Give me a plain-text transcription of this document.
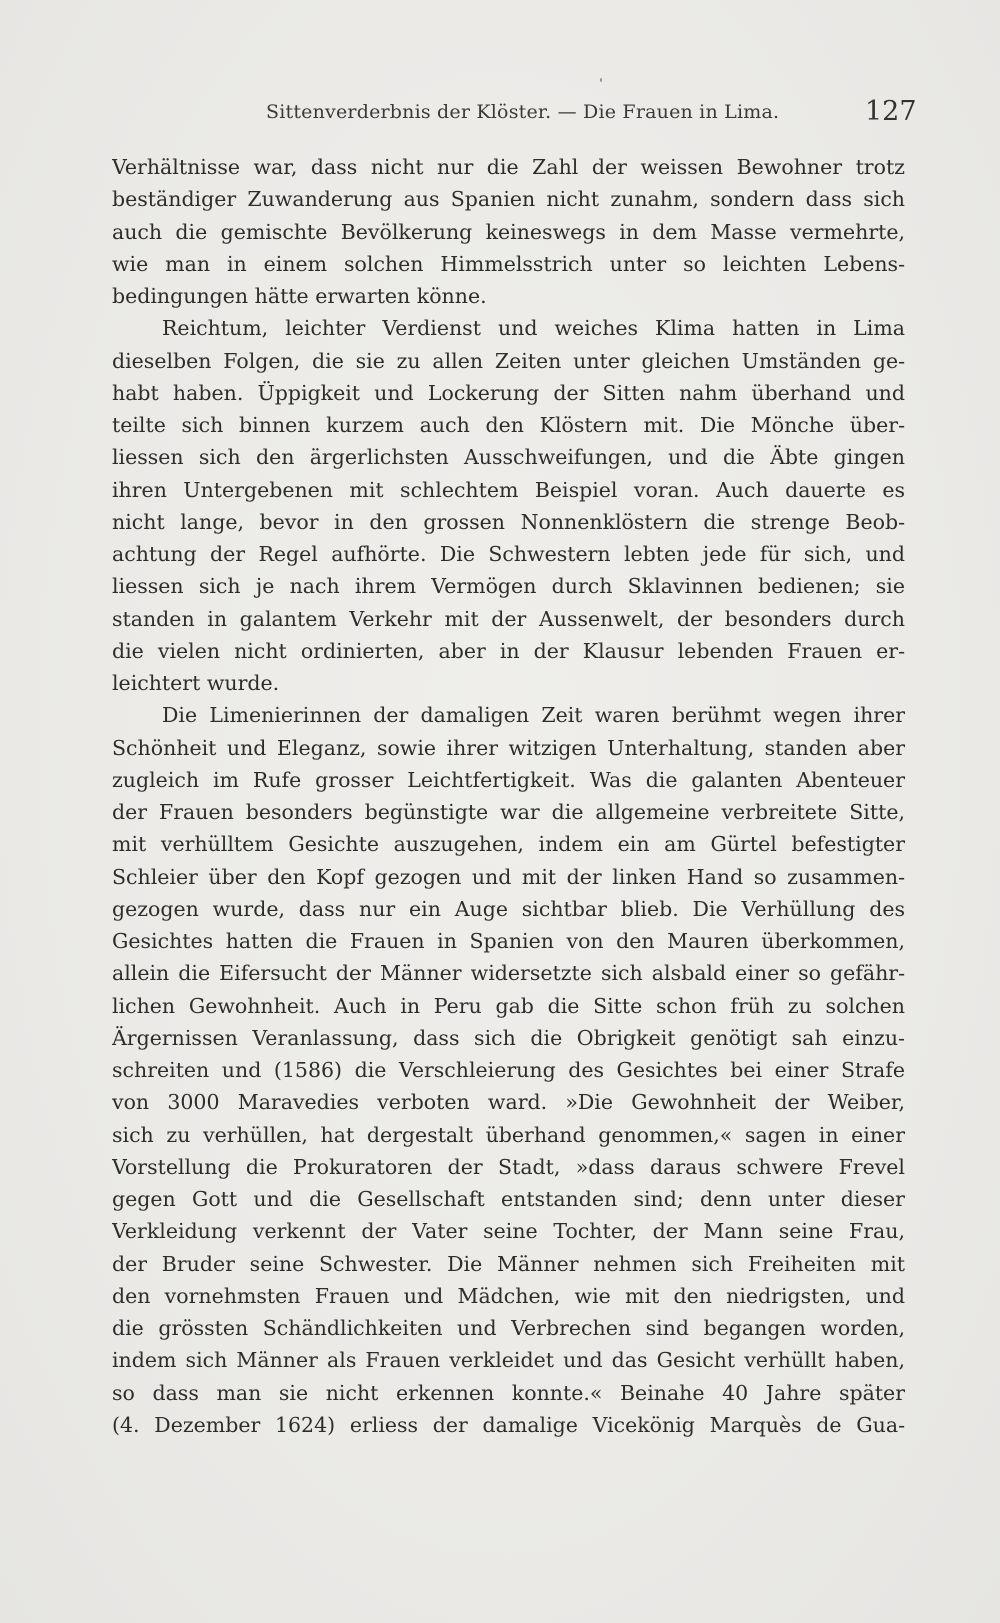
Sittenverderbnis der Klöster. — Die Frauen in Lima.	127
Verhältnisse war, dass nicht nur die Zahl der weissen Bewohner trotz
beständiger Zuwanderung aus Spanien nicht zunahm, sondern dass sich
auch die gemischte Bevölkerung keineswegs in dem Masse vermehrte,
wie man in einem solchen Himmelsstrich unter so leichten Lebens-
bedingungen hätte erwarten könne.
Reichtum, leichter Verdienst und weiches Klima hatten in Lima
dieselben Folgen, die sie zu allen Zeiten unter gleichen Umständen ge-
habt haben. Üppigkeit und Lockerung der Sitten nahm überhand und
teilte sich binnen kurzem auch den Klöstern mit. Die Mönche über-
liessen sich den ärgerlichsten Ausschweifungen, und die Äbte gingen
ihren Untergebenen mit schlechtem Beispiel voran. Auch dauerte es
nicht lange, bevor in den grossen Nonnenklöstern die strenge Beob-
achtung der Regel aufhörte. Die Schwestern lebten jede für sich, und
liessen sich je nach ihrem Vermögen durch Sklavinnen bedienen; sie
standen in galantem Verkehr mit der Aussenwelt, der besonders durch
die vielen nicht ordinierten, aber in der Klausur lebenden Frauen er-
leichtert wurde.
Die Limenierinnen der damaligen Zeit waren berühmt wegen ihrer
Schönheit und Eleganz, sowie ihrer witzigen Unterhaltung, standen aber
zugleich im Rufe grosser Leichtfertigkeit. Was die galanten Abenteuer
der Frauen besonders begünstigte war die allgemeine verbreitete Sitte,
mit verhülltem Gesichte auszugehen, indem ein am Gürtel befestigter
Schleier über den Kopf gezogen und mit der linken Hand so zusammen-
gezogen wurde, dass nur ein Auge sichtbar blieb. Die Verhüllung des
Gesichtes hatten die Frauen in Spanien von den Mauren überkommen,
allein die Eifersucht der Männer widersetzte sich alsbald einer so gefähr-
lichen Gewohnheit. Auch in Peru gab die Sitte schon früh zu solchen
Ärgernissen Veranlassung, dass sich die Obrigkeit genötigt sah einzu-
schreiten und (1586) die Verschleierung des Gesichtes bei einer Strafe
von 3000 Maravedies verboten ward. »Die Gewohnheit der Weiber,
sich zu verhüllen, hat dergestalt überhand genommen,« sagen in einer
Vorstellung die Prokuratoren der Stadt, »dass daraus schwere Frevel
gegen Gott und die Gesellschaft entstanden sind; denn unter dieser
Verkleidung verkennt der Vater seine Tochter, der Mann seine Frau,
der Bruder seine Schwester. Die Männer nehmen sich Freiheiten mit
den vornehmsten Frauen und Mädchen, wie mit den niedrigsten, und
die grössten Schändlichkeiten und Verbrechen sind begangen worden,
indem sich Männer als Frauen verkleidet und das Gesicht verhüllt haben,
so dass man sie nicht erkennen konnte.« Beinahe 40 Jahre später
(4. Dezember 1624) erliess der damalige Vicekönig Marquès de Gua-
